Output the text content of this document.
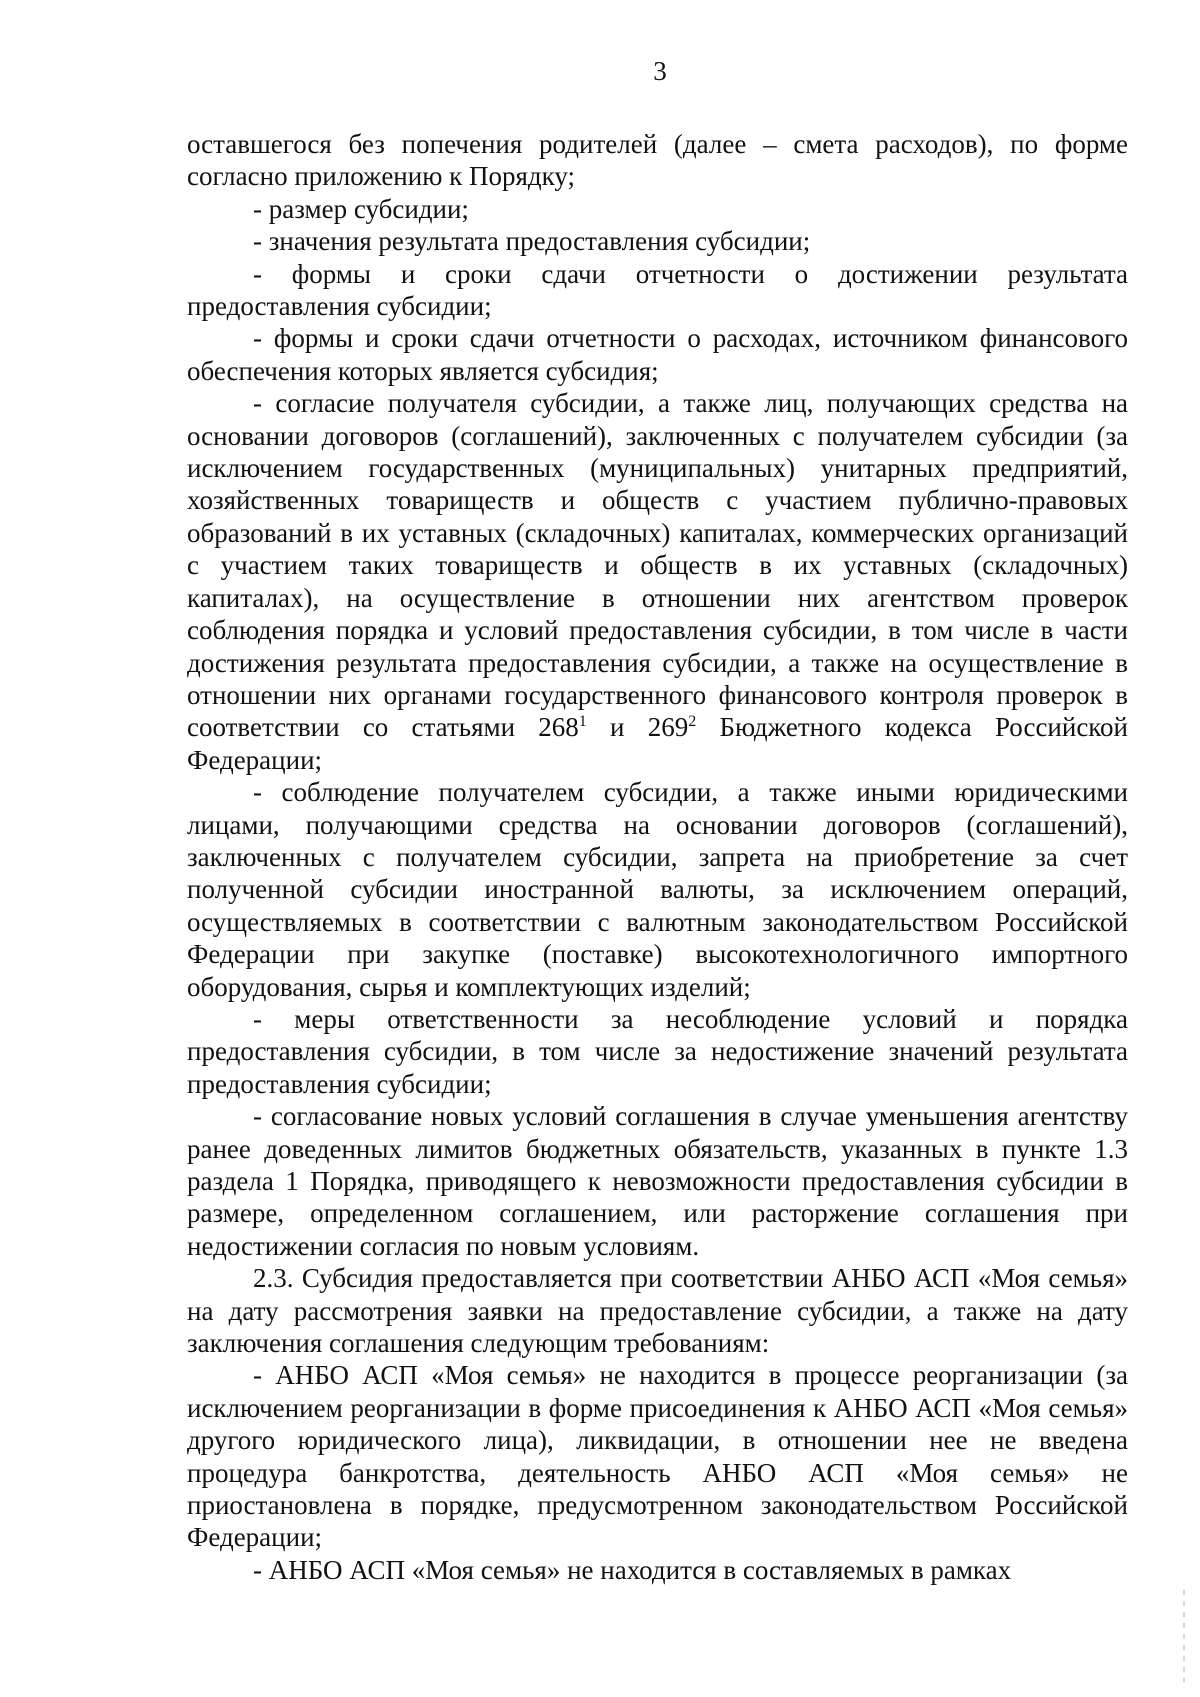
3

оставшегося без попечения родителей (далее – смета расходов), по форме согласно приложению к Порядку;

- размер субсидии;

- значения результата предоставления субсидии;

- формы и сроки сдачи отчетности о достижении результата предоставления субсидии;

- формы и сроки сдачи отчетности о расходах, источником финансового обеспечения которых является субсидия;

- согласие получателя субсидии, а также лиц, получающих средства на основании договоров (соглашений), заключенных с получателем субсидии (за исключением государственных (муниципальных) унитарных предприятий, хозяйственных товариществ и обществ с участием публично-правовых образований в их уставных (складочных) капиталах, коммерческих организаций с участием таких товариществ и обществ в их уставных (складочных) капиталах), на осуществление в отношении них агентством проверок соблюдения порядка и условий предоставления субсидии, в том числе в части достижения результата предоставления субсидии, а также на осуществление в отношении них органами государственного финансового контроля проверок в соответствии со статьями $268^1$ и $269^2$ Бюджетного кодекса Российской Федерации;

- соблюдение получателем субсидии, а также иными юридическими лицами, получающими средства на основании договоров (соглашений), заключенных с получателем субсидии, запрета на приобретение за счет полученной субсидии иностранной валюты, за исключением операций, осуществляемых в соответствии с валютным законодательством Российской Федерации при закупке (поставке) высокотехнологичного импортного оборудования, сырья и комплектующих изделий;

- меры ответственности за несоблюдение условий и порядка предоставления субсидии, в том числе за недостижение значений результата предоставления субсидии;

- согласование новых условий соглашения в случае уменьшения агентству ранее доведенных лимитов бюджетных обязательств, указанных в пункте 1.3 раздела 1 Порядка, приводящего к невозможности предоставления субсидии в размере, определенном соглашением, или расторжение соглашения при недостижении согласия по новым условиям.

2.3. Субсидия предоставляется при соответствии АНБО АСП «Моя семья» на дату рассмотрения заявки на предоставление субсидии, а также на дату заключения соглашения следующим требованиям:

- АНБО АСП «Моя семья» не находится в процессе реорганизации (за исключением реорганизации в форме присоединения к АНБО АСП «Моя семья» другого юридического лица), ликвидации, в отношении нее не введена процедура банкротства, деятельность АНБО АСП «Моя семья» не приостановлена в порядке, предусмотренном законодательством Российской Федерации;

- АНБО АСП «Моя семья» не находится в составляемых в рамках
